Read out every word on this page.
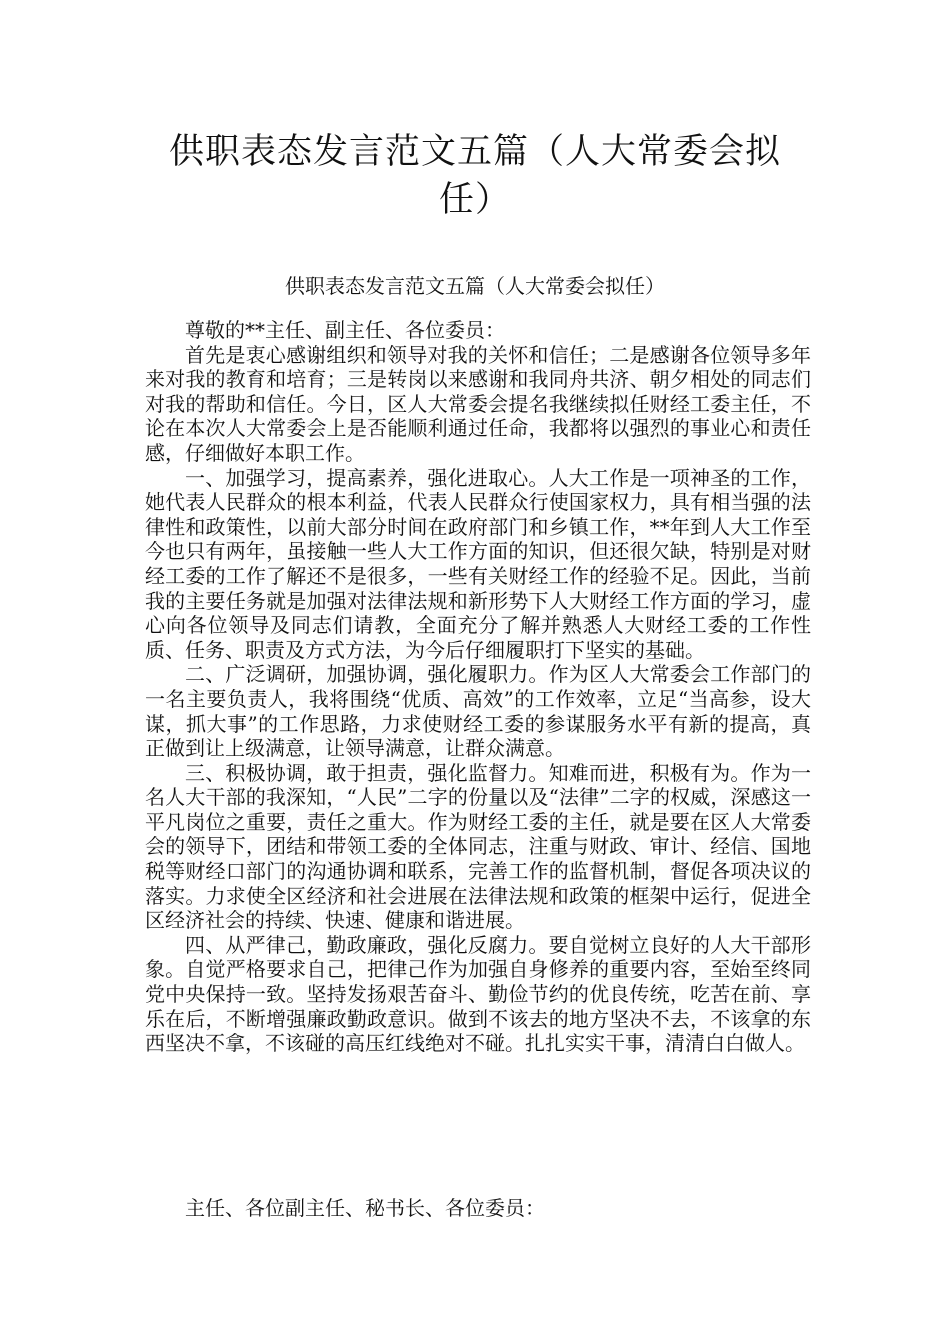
供职表态发言范文五篇（人大常委会拟任）
供职表态发言范文五篇（人大常委会拟任）

尊敬的**主任、副主任、各位委员：

首先是衷心感谢组织和领导对我的关怀和信任；二是感谢各位领导多年来对我的教育和培育；三是转岗以来感谢和我同舟共济、朝夕相处的同志们对我的帮助和信任。今日，区人大常委会提名我继续拟任财经工委主任，不论在本次人大常委会上是否能顺利通过任命，我都将以强烈的事业心和责任感，仔细做好本职工作。

一、加强学习，提高素养，强化进取心。人大工作是一项神圣的工作，她代表人民群众的根本利益，代表人民群众行使国家权力，具有相当强的法律性和政策性，以前大部分时间在政府部门和乡镇工作，**年到人大工作至今也只有两年，虽接触一些人大工作方面的知识，但还很欠缺，特别是对财经工委的工作了解还不是很多，一些有关财经工作的经验不足。因此，当前我的主要任务就是加强对法律法规和新形势下人大财经工作方面的学习，虚心向各位领导及同志们请教，全面充分了解并熟悉人大财经工委的工作性质、任务、职责及方式方法，为今后仔细履职打下坚实的基础。

二、广泛调研，加强协调，强化履职力。作为区人大常委会工作部门的一名主要负责人，我将围绕“优质、高效”的工作效率，立足“当高参，设大谋，抓大事”的工作思路，力求使财经工委的参谋服务水平有新的提高，真正做到让上级满意，让领导满意，让群众满意。

三、积极协调，敢于担责，强化监督力。知难而进，积极有为。作为一名人大干部的我深知，“人民”二字的份量以及“法律”二字的权威，深感这一平凡岗位之重要，责任之重大。作为财经工委的主任，就是要在区人大常委会的领导下，团结和带领工委的全体同志，注重与财政、审计、经信、国地税等财经口部门的沟通协调和联系，完善工作的监督机制，督促各项决议的落实。力求使全区经济和社会进展在法律法规和政策的框架中运行，促进全区经济社会的持续、快速、健康和谐进展。

四、从严律己，勤政廉政，强化反腐力。要自觉树立良好的人大干部形象。自觉严格要求自己，把律己作为加强自身修养的重要内容，至始至终同党中央保持一致。坚持发扬艰苦奋斗、勤俭节约的优良传统，吃苦在前、享乐在后，不断增强廉政勤政意识。做到不该去的地方坚决不去，不该拿的东西坚决不拿，不该碰的高压红线绝对不碰。扎扎实实干事，清清白白做人。

主任、各位副主任、秘书长、各位委员：
